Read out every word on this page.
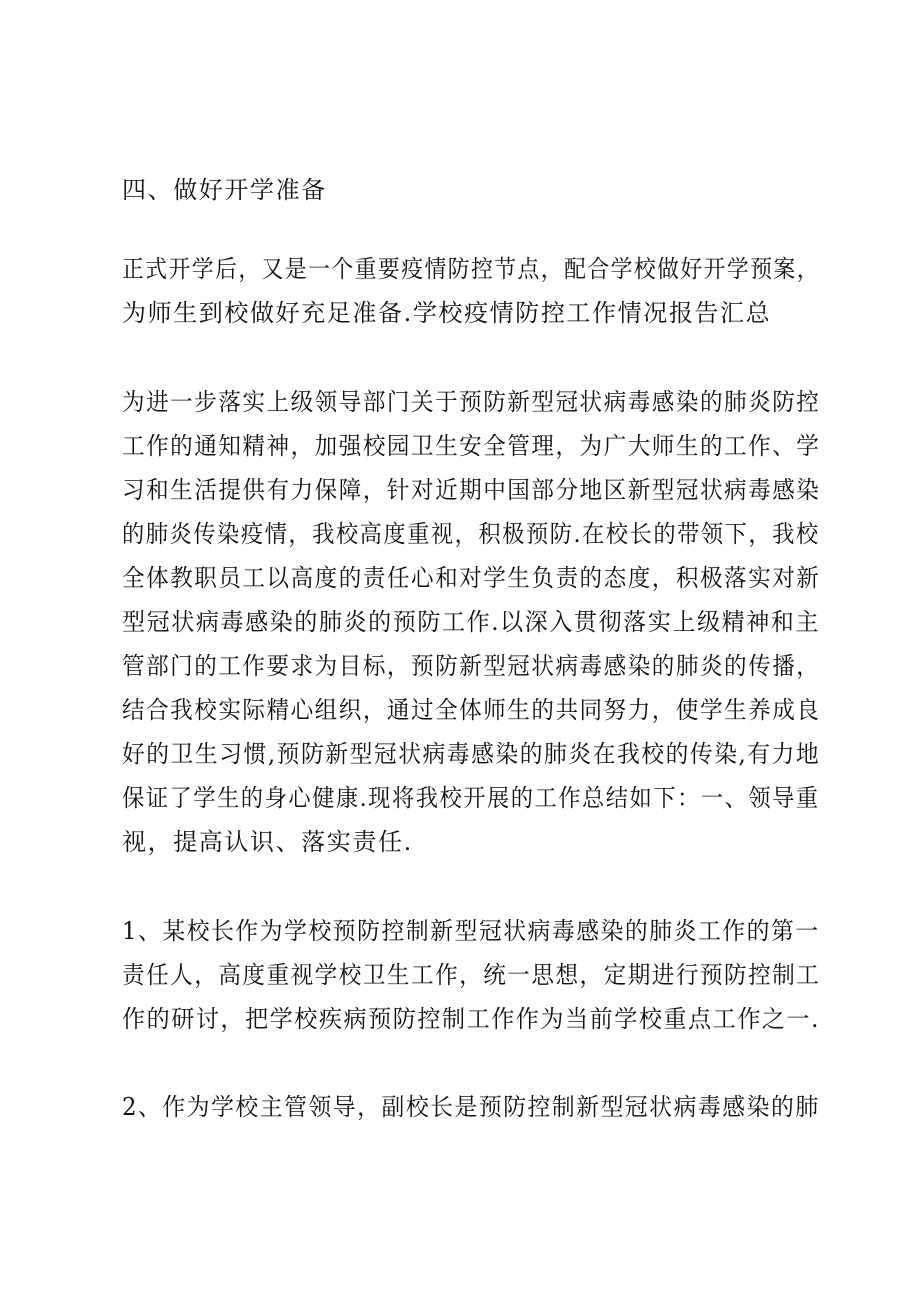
四、做好开学准备
正式开学后，又是一个重要疫情防控节点，配合学校做好开学预案，
为师生到校做好充足准备.学校疫情防控工作情况报告汇总
为进一步落实上级领导部门关于预防新型冠状病毒感染的肺炎防控
工作的通知精神，加强校园卫生安全管理，为广大师生的工作、学
习和生活提供有力保障，针对近期中国部分地区新型冠状病毒感染
的肺炎传染疫情，我校高度重视，积极预防.在校长的带领下，我校
全体教职员工以高度的责任心和对学生负责的态度，积极落实对新
型冠状病毒感染的肺炎的预防工作.以深入贯彻落实上级精神和主
管部门的工作要求为目标，预防新型冠状病毒感染的肺炎的传播，
结合我校实际精心组织，通过全体师生的共同努力，使学生养成良
好的卫生习惯,预防新型冠状病毒感染的肺炎在我校的传染,有力地
保证了学生的身心健康.现将我校开展的工作总结如下：一、领导重
视，提高认识、落实责任.
1、某校长作为学校预防控制新型冠状病毒感染的肺炎工作的第一
责任人，高度重视学校卫生工作，统一思想，定期进行预防控制工
作的研讨，把学校疾病预防控制工作作为当前学校重点工作之一.
2、作为学校主管领导，副校长是预防控制新型冠状病毒感染的肺
